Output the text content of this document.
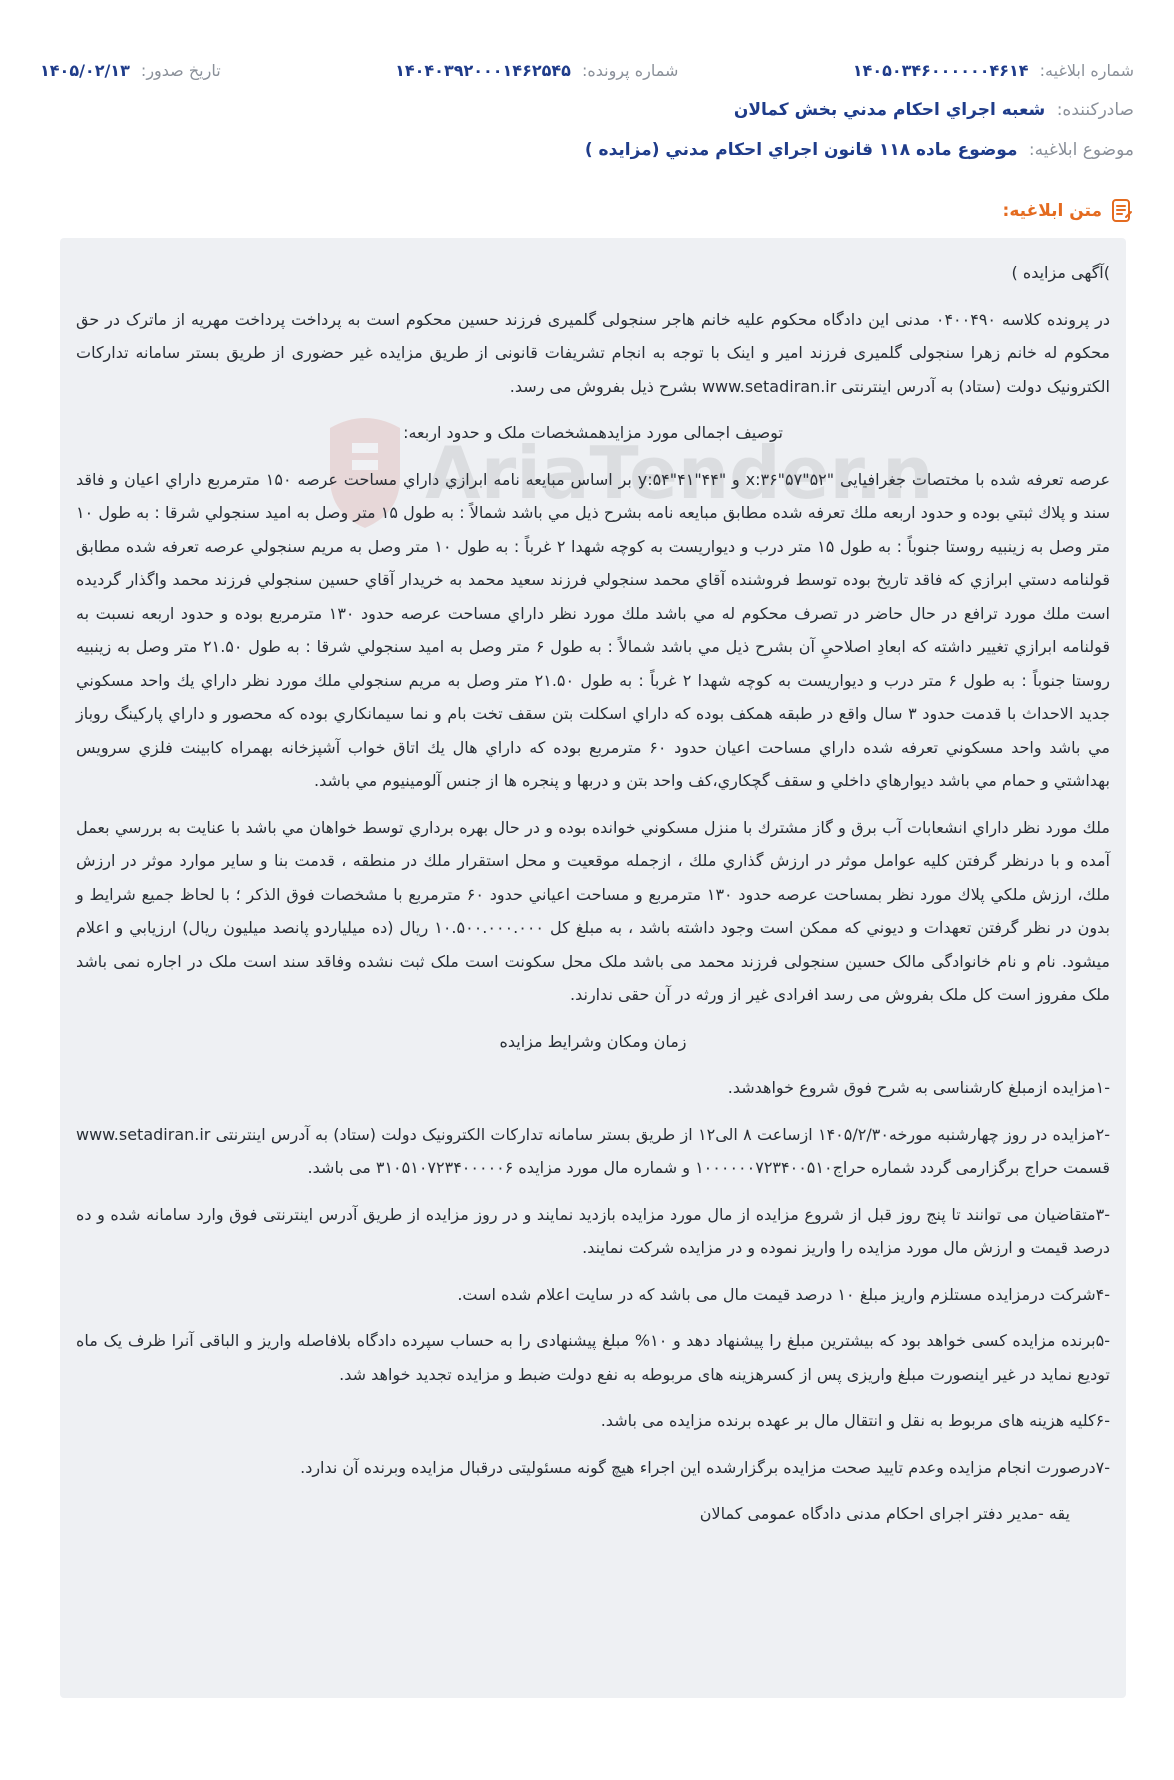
شماره ابلاغیه: ۱۴۰۵۰۳۴۶۰۰۰۰۰۰۴۶۱۴
شماره پرونده: ۱۴۰۴۰۳۹۲۰۰۰۱۴۶۲۵۴۵
تاریخ صدور: ۱۴۰۵/۰۲/۱۳
صادرکننده: شعبه اجراي احكام مدني بخش كمالان
موضوع ابلاغیه: موضوع ماده ۱۱۸ قانون اجراي احكام مدني (مزايده )
متن ابلاغیه:
AriaTender.n

)آگهی مزایده )

در پرونده کلاسه ۰۴۰۰۴۹۰ مدنی این دادگاه محکوم علیه خانم هاجر سنجولی گلمیری فرزند حسین محکوم است به پرداخت پرداخت مهریه از ماترک در حق محکوم له خانم زهرا سنجولی گلمیری فرزند امیر و اینک با توجه به انجام تشریفات قانونی از طریق مزایده غیر حضوری از طریق بستر سامانه تدارکات الکترونیک دولت (ستاد) به آدرس اینترنتی www.setadiran.ir بشرح ذیل بفروش می رسد.

توصیف اجمالی مورد مزایدهمشخصات ملک و حدود اربعه:

عرصه تعرفه شده با مختصات جغرافیایی "۵۲"۵۷"۳۶:x و "۴۴"۴۱"۵۴:y بر اساس مبايعه نامه ابرازي داراي مساحت عرصه ۱۵۰ مترمربع داراي اعيان و فاقد سند و پلاك ثبتي بوده و حدود اربعه ملك تعرفه شده مطابق مبايعه نامه بشرح ذيل مي باشد شمالاً : به طول ۱۵ متر وصل به اميد سنجولي شرقا : به طول ۱۰ متر وصل به زينبيه روستا جنوباً : به طول ۱۵ متر درب و ديواريست به كوچه شهدا ۲ غرباً : به طول ۱۰ متر وصل به مريم سنجولي عرصه تعرفه شده مطابق قولنامه دستي ابرازي كه فاقد تاريخ بوده توسط فروشنده آقاي محمد سنجولي فرزند سعيد محمد به خريدار آقاي حسين سنجولي فرزند محمد واگذار گرديده است ملك مورد ترافع در حال حاضر در تصرف محكوم له مي باشد ملك مورد نظر داراي مساحت عرصه حدود ۱۳۰ مترمربع بوده و حدود اربعه نسبت به قولنامه ابرازي تغيير داشته كه ابعادِ اصلاحيِ آن بشرح ذيل مي باشد شمالاً : به طول ۶ متر وصل به اميد سنجولي شرقا : به طول ۲۱.۵۰ متر وصل به زينبيه روستا جنوباً : به طول ۶ متر درب و ديواريست به كوچه شهدا ۲ غرباً : به طول ۲۱.۵۰ متر وصل به مريم سنجولي ملك مورد نظر داراي يك واحد مسكوني جديد الاحداث با قدمت حدود ۳ سال واقع در طبقه همكف بوده كه داراي اسكلت بتن سقف تخت بام و نما سيمانكاري بوده كه محصور و داراي پاركينگ روباز مي باشد واحد مسكوني تعرفه شده داراي مساحت اعيان حدود ۶۰ مترمربع بوده كه داراي هال يك اتاق خواب آشپزخانه بهمراه كابينت فلزي سرويس بهداشتي و حمام مي باشد ديوارهاي داخلي و سقف گچكاري،كف واحد بتن و دربها و پنجره ها از جنس آلومينيوم مي باشد.

ملك مورد نظر داراي انشعابات آب برق و گاز مشترك با منزل مسكوني خوانده بوده و در حال بهره برداري توسط خواهان مي باشد با عنايت به بررسي بعمل آمده و با درنظر گرفتن كليه عوامل موثر در ارزش گذاري ملك ، ازجمله موقعيت و محل استقرار ملك در منطقه ، قدمت بنا و ساير موارد موثر در ارزش ملك، ارزش ملكي پلاك مورد نظر بمساحت عرصه حدود ۱۳۰ مترمربع و مساحت اعياني حدود ۶۰ مترمربع با مشخصات فوق الذكر ؛ با لحاظ جميع شرايط و بدون در نظر گرفتن تعهدات و ديوني كه ممكن است وجود داشته باشد ، به مبلغ كل ۱۰.۵۰۰.۰۰۰.۰۰۰ ريال (ده ميلياردو پانصد ميليون ريال) ارزيابي و اعلام ميشود. نام و نام خانوادگی مالک حسین سنجولی فرزند محمد می باشد ملک محل سکونت است ملک ثبت نشده وفاقد سند است ملک در اجاره نمی باشد ملک مفروز است کل ملک بفروش می رسد افرادی غیر از ورثه در آن حقی ندارند.

زمان ومکان وشرایط مزایده

-۱مزایده ازمبلغ کارشناسی به شرح فوق شروع خواهدشد.

-۲مزایده در روز چهارشنبه مورخه۱۴۰۵/۲/۳۰ ازساعت ۸ الی۱۲ از طریق بستر سامانه تدارکات الکترونیک دولت (ستاد) به آدرس اینترنتی www.setadiran.ir قسمت حراج برگزارمی گردد شماره حراج۱۰۰۰۰۰۰۷۲۳۴۰۰۵۱۰ و شماره مال مورد مزایده ۳۱۰۵۱۰۷۲۳۴۰۰۰۰۰۶ می باشد.

-۳متقاضیان می توانند تا پنج روز قبل از شروع مزایده از مال مورد مزایده بازدید نمایند و در روز مزایده از طریق آدرس اینترنتی فوق وارد سامانه شده و ده درصد قیمت و ارزش مال مورد مزایده را واریز نموده و در مزایده شرکت نمایند.

-۴شرکت درمزایده مستلزم واریز مبلغ ۱۰ درصد قیمت مال می باشد که در سایت اعلام شده است.

-۵برنده مزایده کسی خواهد بود که بیشترین مبلغ را پیشنهاد دهد و ۱۰% مبلغ پیشنهادی را به حساب سپرده دادگاه بلافاصله واریز و الباقی آنرا ظرف یک ماه تودیع نماید در غیر اینصورت مبلغ واریزی پس از کسرهزینه های مربوطه به نفع دولت ضبط و مزایده تجدید خواهد شد.

-۶کلیه هزینه های مربوط به نقل و انتقال مال بر عهده برنده مزایده می باشد.

-۷درصورت انجام مزایده وعدم تایید صحت مزایده برگزارشده این اجراء هیچ گونه مسئولیتی درقبال مزایده وبرنده آن ندارد.

یقه -مدیر دفتر اجرای احکام مدنی دادگاه عمومی کمالان
